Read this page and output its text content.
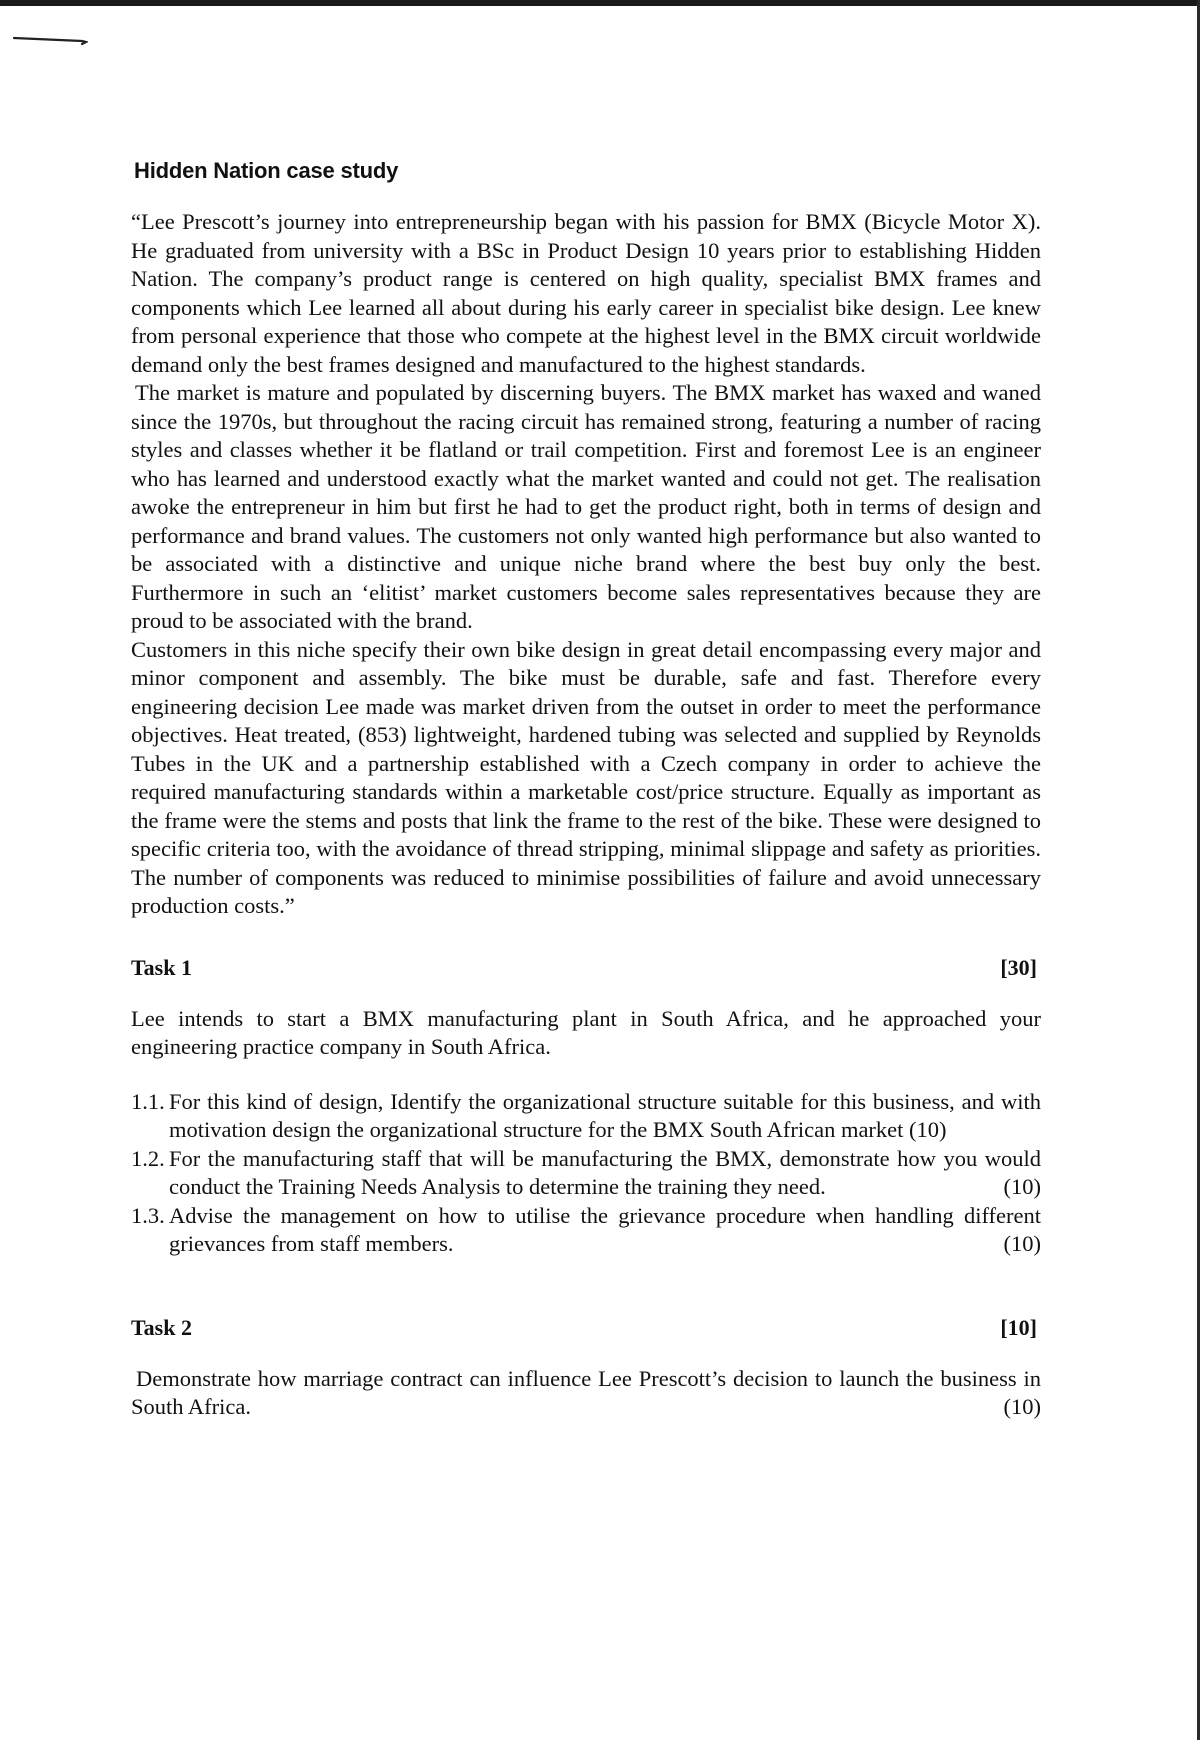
Hidden Nation case study

“Lee Prescott’s journey into entrepreneurship began with his passion for BMX (Bicycle Motor X). He graduated from university with a BSc in Product Design 10 years prior to establishing Hidden Nation. The company’s product range is centered on high quality, specialist BMX frames and components which Lee learned all about during his early career in specialist bike design. Lee knew from personal experience that those who compete at the highest level in the BMX circuit worldwide demand only the best frames designed and manufactured to the highest standards.

The market is mature and populated by discerning buyers. The BMX market has waxed and waned since the 1970s, but throughout the racing circuit has remained strong, featuring a number of racing styles and classes whether it be flatland or trail competition. First and foremost Lee is an engineer who has learned and understood exactly what the market wanted and could not get. The realisation awoke the entrepreneur in him but first he had to get the product right, both in terms of design and performance and brand values. The customers not only wanted high performance but also wanted to be associated with a distinctive and unique niche brand where the best buy only the best. Furthermore in such an ‘elitist’ market customers become sales representatives because they are proud to be associated with the brand.

Customers in this niche specify their own bike design in great detail encompassing every major and minor component and assembly. The bike must be durable, safe and fast. Therefore every engineering decision Lee made was market driven from the outset in order to meet the performance objectives. Heat treated, (853) lightweight, hardened tubing was selected and supplied by Reynolds Tubes in the UK and a partnership established with a Czech company in order to achieve the required manufacturing standards within a marketable cost/price structure. Equally as important as the frame were the stems and posts that link the frame to the rest of the bike. These were designed to specific criteria too, with the avoidance of thread stripping, minimal slippage and safety as priorities. The number of components was reduced to minimise possibilities of failure and avoid unnecessary production costs.”

Task 1	[30]

Lee intends to start a BMX manufacturing plant in South Africa, and he approached your engineering practice company in South Africa.

1.1. For this kind of design, Identify the organizational structure suitable for this business, and with motivation design the organizational structure for the BMX South African market (10)
1.2. For the manufacturing staff that will be manufacturing the BMX, demonstrate how you would conduct the Training Needs Analysis to determine the training they need.	(10)
1.3. Advise the management on how to utilise the grievance procedure when handling different grievances from staff members.	(10)
Task 2	[10]

Demonstrate how marriage contract can influence Lee Prescott’s decision to launch the business in South Africa.	(10)
